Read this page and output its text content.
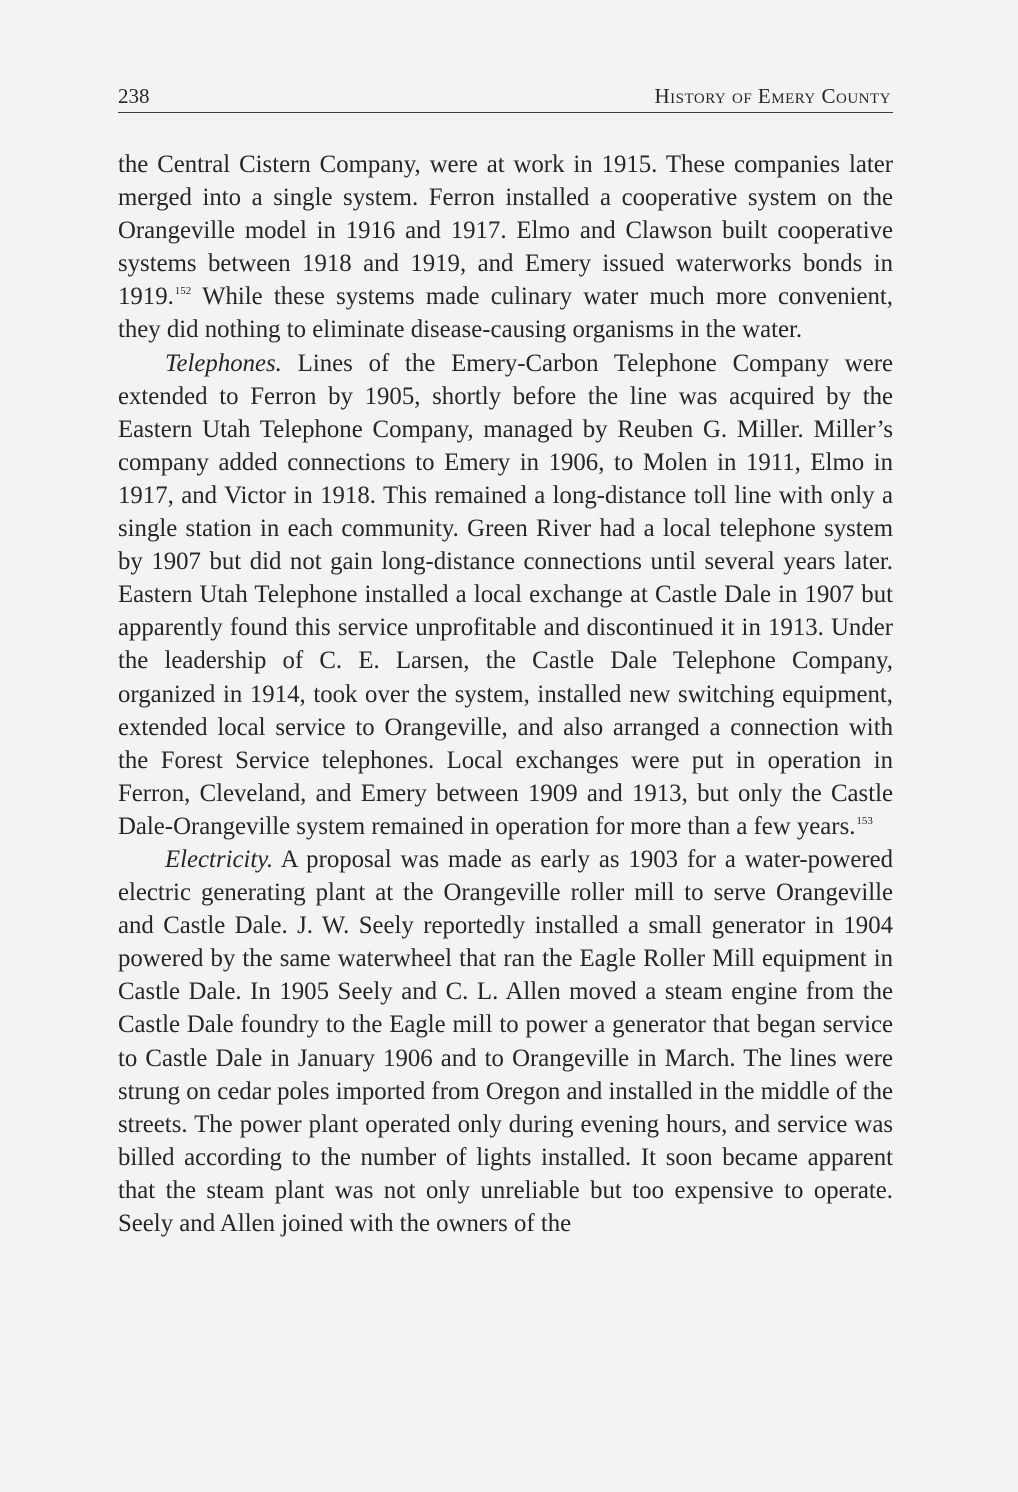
238	History of Emery County

the Central Cistern Company, were at work in 1915. These companies later merged into a single system. Ferron installed a cooperative system on the Orangeville model in 1916 and 1917. Elmo and Clawson built cooperative systems between 1918 and 1919, and Emery issued waterworks bonds in 1919.$^{152}$ While these systems made culinary water much more convenient, they did nothing to eliminate disease-causing organisms in the water.

Telephones. Lines of the Emery-Carbon Telephone Company were extended to Ferron by 1905, shortly before the line was acquired by the Eastern Utah Telephone Company, managed by Reuben G. Miller. Miller’s company added connections to Emery in 1906, to Molen in 1911, Elmo in 1917, and Victor in 1918. This remained a long-distance toll line with only a single station in each community. Green River had a local telephone system by 1907 but did not gain long-distance connections until several years later. Eastern Utah Telephone installed a local exchange at Castle Dale in 1907 but apparently found this service unprofitable and discontinued it in 1913. Under the leadership of C. E. Larsen, the Castle Dale Telephone Company, organized in 1914, took over the system, installed new switching equipment, extended local service to Orangeville, and also arranged a connection with the Forest Service telephones. Local exchanges were put in operation in Ferron, Cleveland, and Emery between 1909 and 1913, but only the Castle Dale-Orangeville system remained in operation for more than a few years.$^{153}$

Electricity. A proposal was made as early as 1903 for a water-powered electric generating plant at the Orangeville roller mill to serve Orangeville and Castle Dale. J. W. Seely reportedly installed a small generator in 1904 powered by the same waterwheel that ran the Eagle Roller Mill equipment in Castle Dale. In 1905 Seely and C. L. Allen moved a steam engine from the Castle Dale foundry to the Eagle mill to power a generator that began service to Castle Dale in January 1906 and to Orangeville in March. The lines were strung on cedar poles imported from Oregon and installed in the middle of the streets. The power plant operated only during evening hours, and service was billed according to the number of lights installed. It soon became apparent that the steam plant was not only unreliable but too expensive to operate. Seely and Allen joined with the owners of the
